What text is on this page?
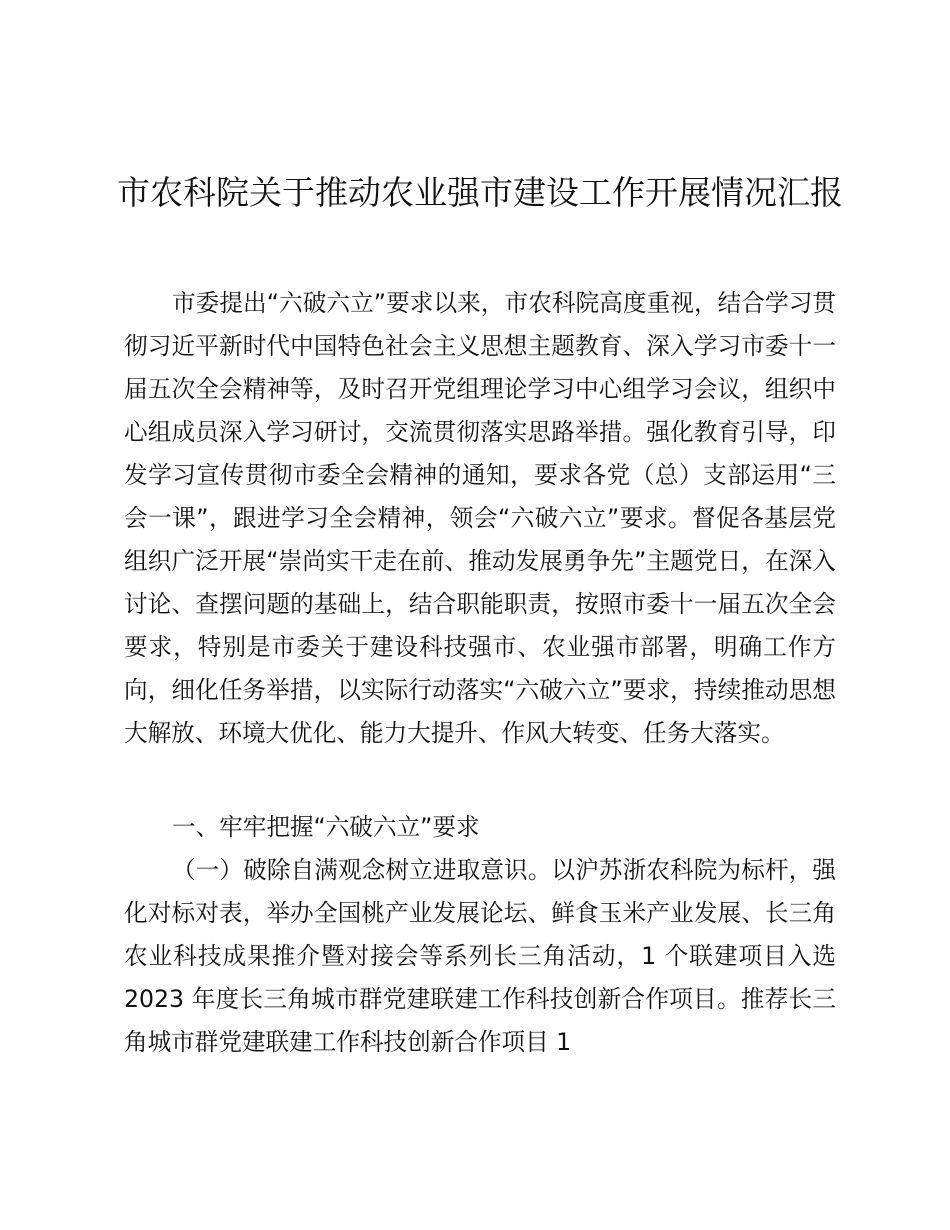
市农科院关于推动农业强市建设工作开展情况汇报

市委提出“六破六立”要求以来，市农科院高度重视，结合学习贯彻习近平新时代中国特色社会主义思想主题教育、深入学习市委十一届五次全会精神等，及时召开党组理论学习中心组学习会议，组织中心组成员深入学习研讨，交流贯彻落实思路举措。强化教育引导，印发学习宣传贯彻市委全会精神的通知，要求各党（总）支部运用“三会一课”，跟进学习全会精神，领会“六破六立”要求。督促各基层党组织广泛开展“崇尚实干走在前、推动发展勇争先”主题党日，在深入讨论、查摆问题的基础上，结合职能职责，按照市委十一届五次全会要求，特别是市委关于建设科技强市、农业强市部署，明确工作方向，细化任务举措，以实际行动落实“六破六立”要求，持续推动思想大解放、环境大优化、能力大提升、作风大转变、任务大落实。

一、牢牢把握“六破六立”要求

（一）破除自满观念树立进取意识。以沪苏浙农科院为标杆，强化对标对表，举办全国桃产业发展论坛、鲜食玉米产业发展、长三角农业科技成果推介暨对接会等系列长三角活动，1 个联建项目入选 2023 年度长三角城市群党建联建工作科技创新合作项目。推荐长三角城市群党建联建工作科技创新合作项目 1
